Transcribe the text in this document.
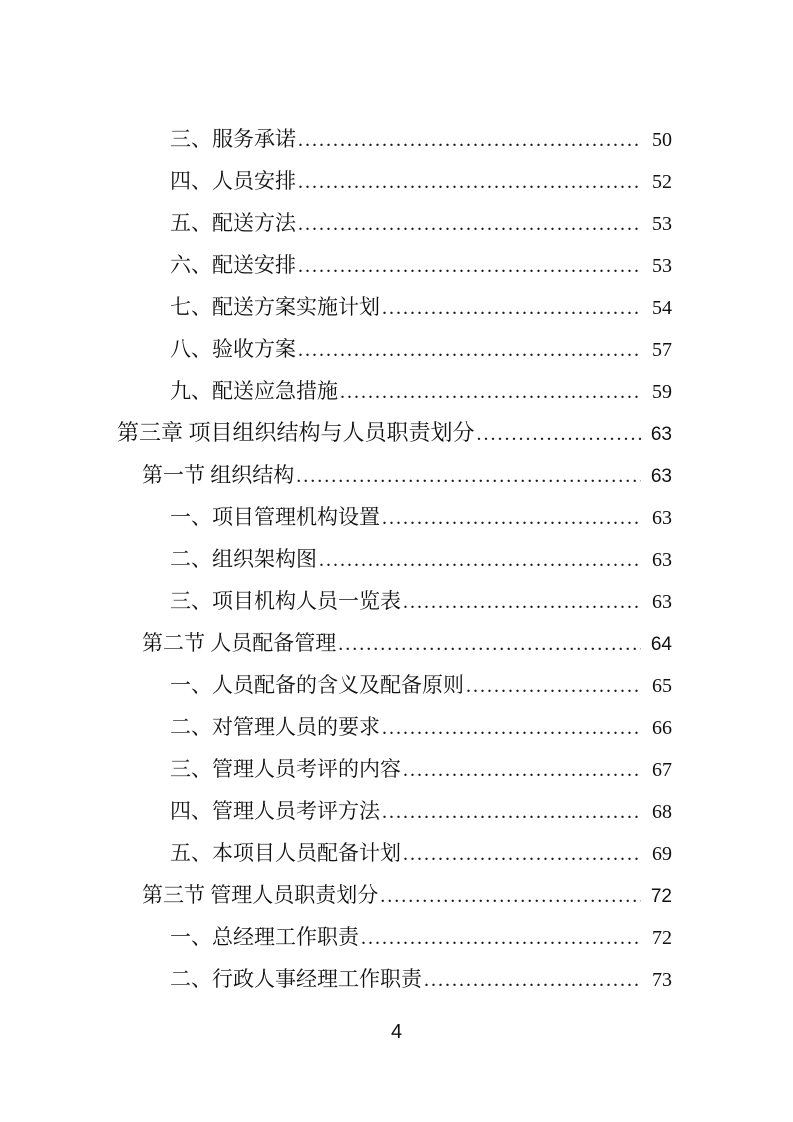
三、服务承诺 .....	50
四、人员安排 .....	52
五、配送方法 .....	53
六、配送安排 .....	53
七、配送方案实施计划 .....	54
八、验收方案 .....	57
九、配送应急措施 .....	59
第三章 项目组织结构与人员职责划分 .....	63
第一节 组织结构 .....	63
一、项目管理机构设置 .....	63
二、组织架构图 .....	63
三、项目机构人员一览表 .....	63
第二节 人员配备管理 .....	64
一、人员配备的含义及配备原则 .....	65
二、对管理人员的要求 .....	66
三、管理人员考评的内容 .....	67
四、管理人员考评方法 .....	68
五、本项目人员配备计划 .....	69
第三节 管理人员职责划分 .....	72
一、总经理工作职责 .....	72
二、行政人事经理工作职责 .....	73
4
